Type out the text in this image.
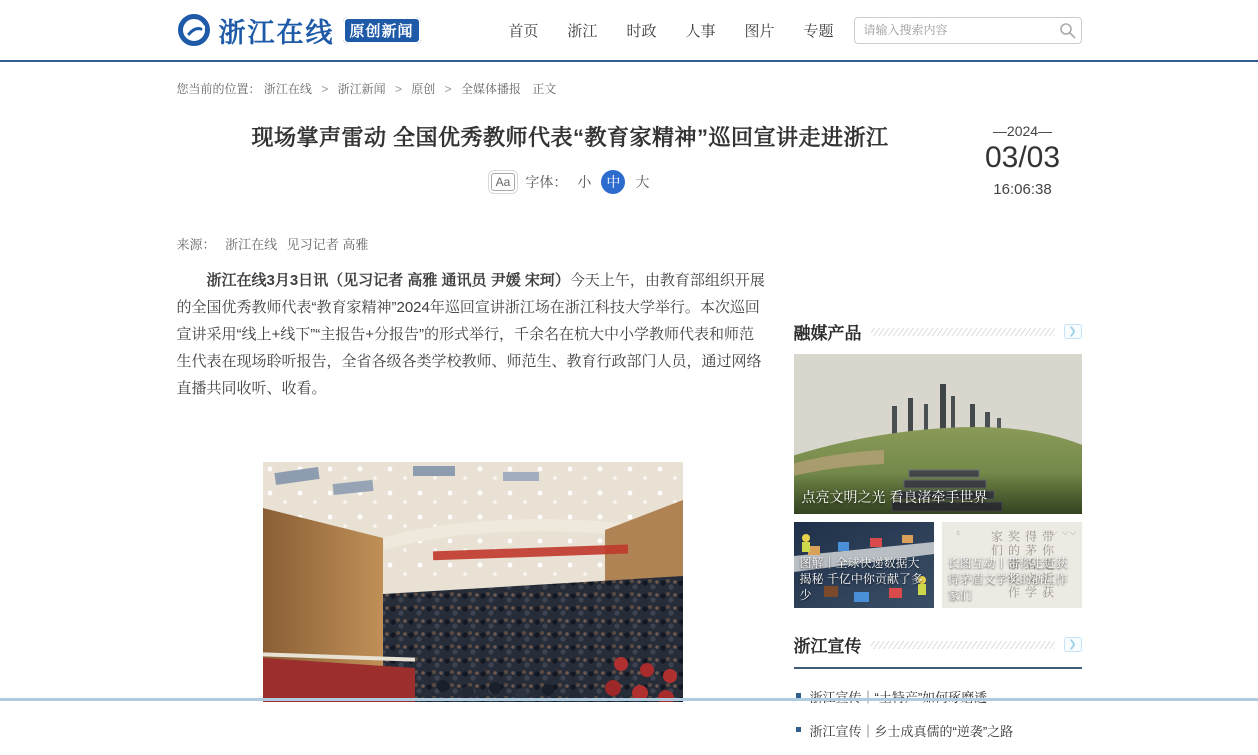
浙江在线	原创新闻	首页 浙江 时政 人事 图片 专题
请输入搜索内容
您当前的位置： 浙江在线 > 浙江新闻 > 原创 > 全媒体播报 正文
现场掌声雷动 全国优秀教师代表“教育家精神”巡回宣讲走进浙江
Aa	字体： 小	中	大
—2024—
03/03
16:06:38
来源： 浙江在线 见习记者 高雅

浙江在线3月3日讯（见习记者 高雅 通讯员 尹媛 宋珂）今天上午，由教育部组织开展的全国优秀教师代表“教育家精神”2024年巡回宣讲浙江场在浙江科技大学举行。本次巡回宣讲采用“线上+线下”“主报告+分报告”的形式举行，千余名在杭大中小学教师代表和师范生代表在现场聆听报告，全省各级各类学校教师、师范生、教育行政部门人员，通过网络直播共同收听、收看。

融媒产品	❯
点亮文明之光 看良渚牵手世界
图解｜全球快递数据大揭秘 千亿中你贡献了多少
〝	⌵ ⌵⌵
带你走近获得茅盾文学奖的浙江作家们
长图互动丨带你走近获得茅盾文学奖的浙江作家们
浙江宣传	❯
浙江宣传｜乡士成真儒的“逆袭”之路
